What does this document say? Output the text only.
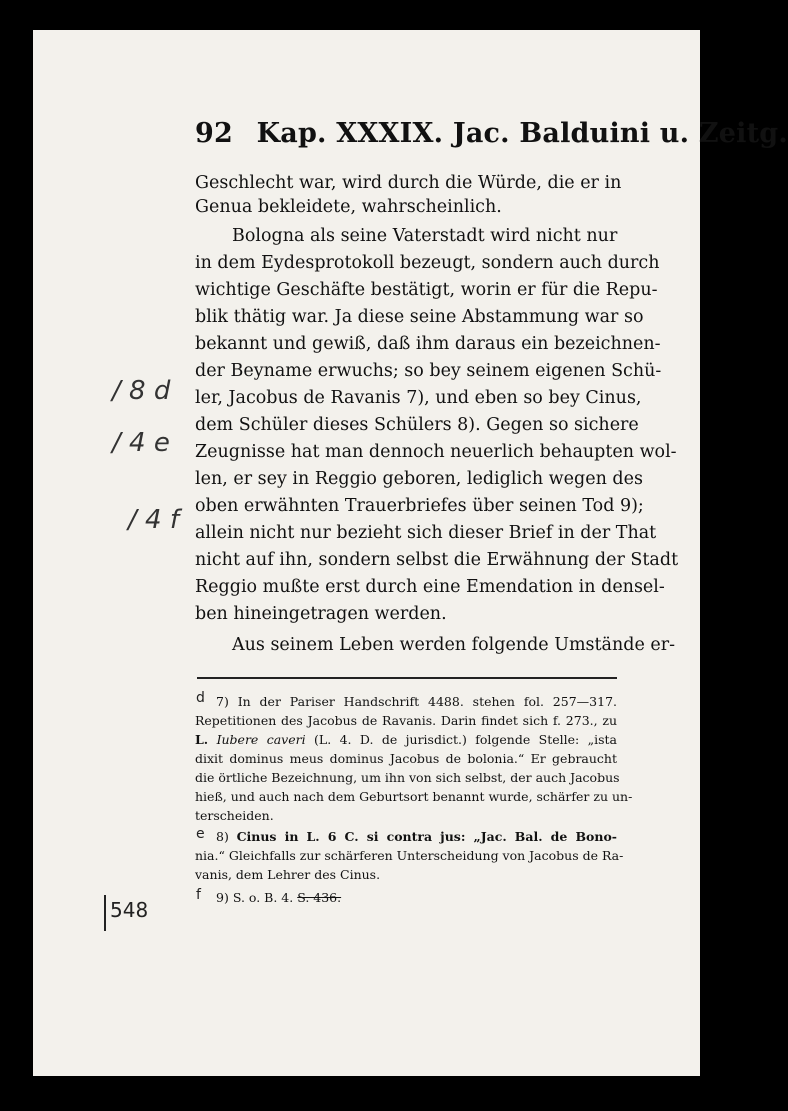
92 Kap. XXXIX. Jac. Balduini u. Zeitg.
Geschlecht war, wird durch die Würde, die er in
Genua bekleidete, wahrscheinlich.
Bologna als seine Vaterstadt wird nicht nur
in dem Eydesprotokoll bezeugt, sondern auch durch
wichtige Geschäfte bestätigt, worin er für die Repu-
blik thätig war. Ja diese seine Abstammung war so
bekannt und gewiß, daß ihm daraus ein bezeichnen-
der Beyname erwuchs; so bey seinem eigenen Schü-
ler, Jacobus de Ravanis 7), und eben so bey Cinus,
dem Schüler dieses Schülers 8). Gegen so sichere
Zeugnisse hat man dennoch neuerlich behaupten wol-
len, er sey in Reggio geboren, lediglich wegen des
oben erwähnten Trauerbriefes über seinen Tod 9);
allein nicht nur bezieht sich dieser Brief in der That
nicht auf ihn, sondern selbst die Erwähnung der Stadt
Reggio mußte erst durch eine Emendation in densel-
ben hineingetragen werden.
Aus seinem Leben werden folgende Umstände er-
7) In der Pariser Handschrift 4488. stehen fol. 257—317.
Repetitionen des Jacobus de Ravanis. Darin findet sich f. 273., zu
L. Iubere caveri (L. 4. D. de jurisdict.) folgende Stelle: „ista
dixit dominus meus dominus Jacobus de bolonia.“ Er gebraucht
die örtliche Bezeichnung, um ihn von sich selbst, der auch Jacobus
hieß, und auch nach dem Geburtsort benannt wurde, schärfer zu un-
terscheiden.
8) Cinus in L. 6 C. si contra jus: „Jac. Bal. de Bono-
nia.“ Gleichfalls zur schärferen Unterscheidung von Jacobus de Ra-
vanis, dem Lehrer des Cinus.
9) S. o. B. 4. S. 436.
/ 8 d
/ 4 e
/ 4 f
d
e
f
548
